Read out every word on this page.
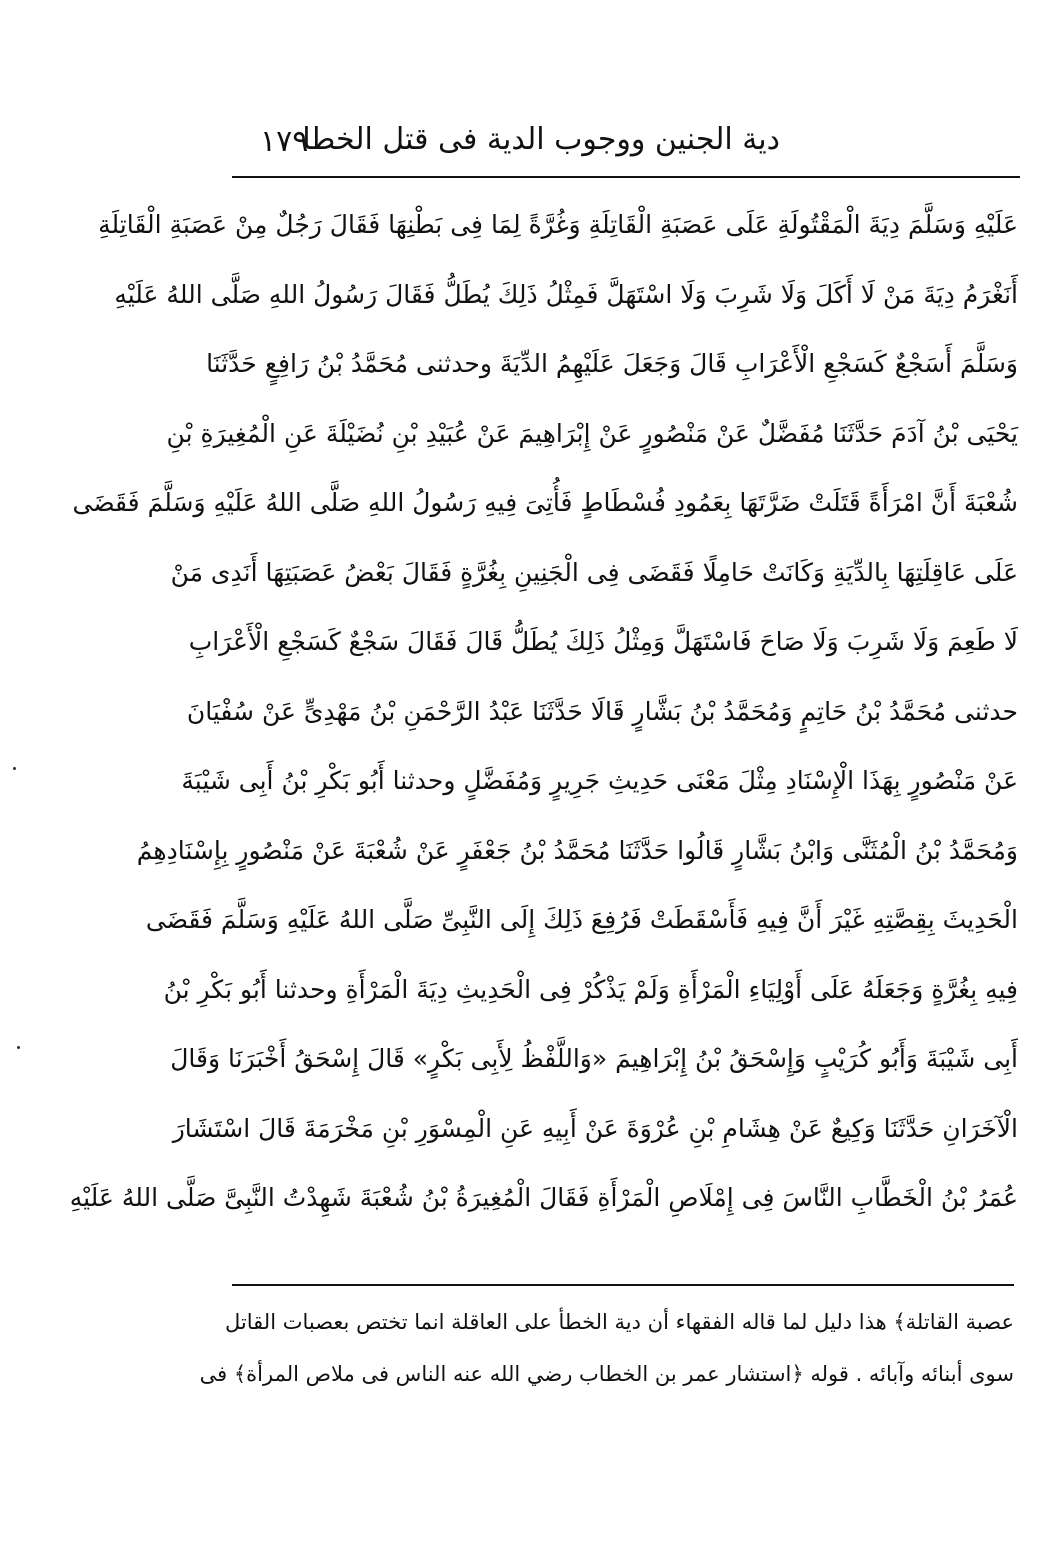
دية الجنين ووجوب الدية فى قتل الخطا
١٧٩
عَلَيْهِ وَسَلَّمَ دِيَةَ الْمَقْتُولَةِ عَلَى عَصَبَةِ الْقَاتِلَةِ وَغُرَّةً لِمَا فِى بَطْنِهَا فَقَالَ رَجُلٌ مِنْ عَصَبَةِ الْقَاتِلَةِ
أَنَغْرَمُ دِيَةَ مَنْ لَا أَكَلَ وَلَا شَرِبَ وَلَا اسْتَهَلَّ فَمِثْلُ ذَلِكَ يُطَلُّ فَقَالَ رَسُولُ اللهِ صَلَّى اللهُ عَلَيْهِ
وَسَلَّمَ أَسَجْعٌ كَسَجْعِ الْأَعْرَابِ قَالَ وَجَعَلَ عَلَيْهِمُ الدِّيَةَ وحدثنى مُحَمَّدُ بْنُ رَافِعٍ حَدَّثَنَا
يَحْيَى بْنُ آدَمَ حَدَّثَنَا مُفَضَّلٌ عَنْ مَنْصُورٍ عَنْ إِبْرَاهِيمَ عَنْ عُبَيْدِ بْنِ نُضَيْلَةَ عَنِ الْمُغِيرَةِ بْنِ
شُعْبَةَ أَنَّ امْرَأَةً قَتَلَتْ ضَرَّتَهَا بِعَمُودِ فُسْطَاطٍ فَأُتِىَ فِيهِ رَسُولُ اللهِ صَلَّى اللهُ عَلَيْهِ وَسَلَّمَ فَقَضَى
عَلَى عَاقِلَتِهَا بِالدِّيَةِ وَكَانَتْ حَامِلًا فَقَضَى فِى الْجَنِينِ بِغُرَّةٍ فَقَالَ بَعْضُ عَصَبَتِهَا أَنَدِى مَنْ
لَا طَعِمَ وَلَا شَرِبَ وَلَا صَاحَ فَاسْتَهَلَّ وَمِثْلُ ذَلِكَ يُطَلُّ قَالَ فَقَالَ سَجْعٌ كَسَجْعِ الْأَعْرَابِ
حدثنى مُحَمَّدُ بْنُ حَاتِمٍ وَمُحَمَّدُ بْنُ بَشَّارٍ قَالَا حَدَّثَنَا عَبْدُ الرَّحْمَنِ بْنُ مَهْدِىٍّ عَنْ سُفْيَانَ
عَنْ مَنْصُورٍ بِهَذَا الْإِسْنَادِ مِثْلَ مَعْنَى حَدِيثِ جَرِيرٍ وَمُفَضَّلٍ وحدثنا أَبُو بَكْرِ بْنُ أَبِى شَيْبَةَ
وَمُحَمَّدُ بْنُ الْمُثَنَّى وَابْنُ بَشَّارٍ قَالُوا حَدَّثَنَا مُحَمَّدُ بْنُ جَعْفَرٍ عَنْ شُعْبَةَ عَنْ مَنْصُورٍ بِإِسْنَادِهِمُ
الْحَدِيثَ بِقِصَّتِهِ غَيْرَ أَنَّ فِيهِ فَأَسْقَطَتْ فَرُفِعَ ذَلِكَ إِلَى النَّبِىِّ صَلَّى اللهُ عَلَيْهِ وَسَلَّمَ فَقَضَى
فِيهِ بِغُرَّةٍ وَجَعَلَهُ عَلَى أَوْلِيَاءِ الْمَرْأَةِ وَلَمْ يَذْكُرْ فِى الْحَدِيثِ دِيَةَ الْمَرْأَةِ وحدثنا أَبُو بَكْرِ بْنُ
أَبِى شَيْبَةَ وَأَبُو كُرَيْبٍ وَإِسْحَقُ بْنُ إِبْرَاهِيمَ «وَاللَّفْظُ لِأَبِى بَكْرٍ» قَالَ إِسْحَقُ أَخْبَرَنَا وَقَالَ
الْآخَرَانِ حَدَّثَنَا وَكِيعٌ عَنْ هِشَامِ بْنِ عُرْوَةَ عَنْ أَبِيهِ عَنِ الْمِسْوَرِ بْنِ مَخْرَمَةَ قَالَ اسْتَشَارَ
عُمَرُ بْنُ الْخَطَّابِ النَّاسَ فِى إِمْلَاصِ الْمَرْأَةِ فَقَالَ الْمُغِيرَةُ بْنُ شُعْبَةَ شَهِدْتُ النَّبِىَّ صَلَّى اللهُ عَلَيْهِ
عصبة القاتلة﴾ هذا دليل لما قاله الفقهاء أن دية الخطأ على العاقلة انما تختص بعصبات القاتل
سوى أبنائه وآبائه . قوله ﴿استشار عمر بن الخطاب رضي الله عنه الناس فى ملاص المرأة﴾ فى
